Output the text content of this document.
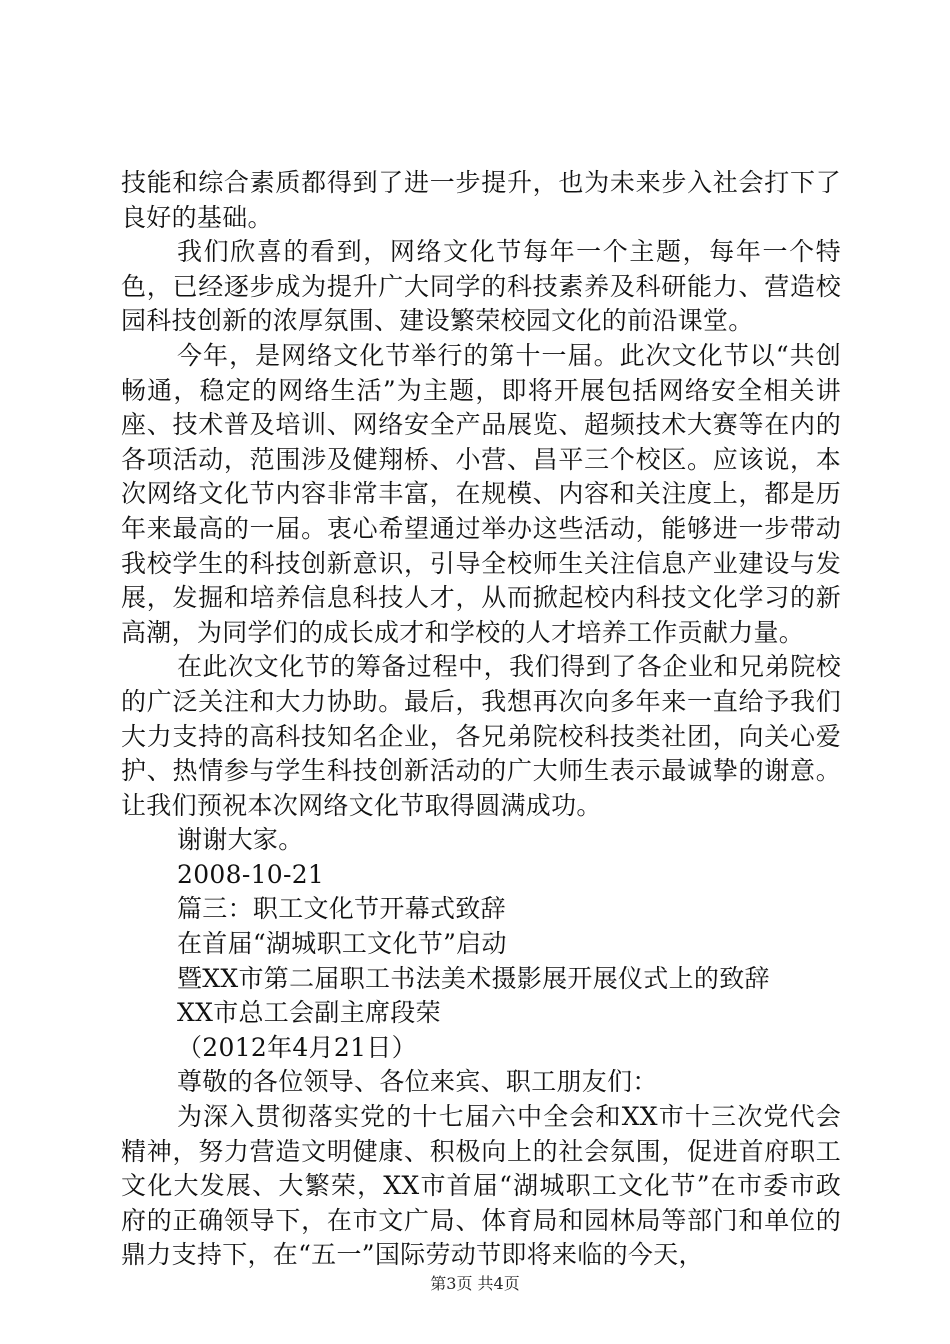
技能和综合素质都得到了进一步提升，也为未来步入社会打下了良好的基础。

我们欣喜的看到，网络文化节每年一个主题，每年一个特色，已经逐步成为提升广大同学的科技素养及科研能力、营造校园科技创新的浓厚氛围、建设繁荣校园文化的前沿课堂。

今年，是网络文化节举行的第十一届。此次文化节以“共创畅通，稳定的网络生活”为主题，即将开展包括网络安全相关讲座、技术普及培训、网络安全产品展览、超频技术大赛等在内的各项活动，范围涉及健翔桥、小营、昌平三个校区。应该说，本次网络文化节内容非常丰富，在规模、内容和关注度上，都是历年来最高的一届。衷心希望通过举办这些活动，能够进一步带动我校学生的科技创新意识，引导全校师生关注信息产业建设与发展，发掘和培养信息科技人才，从而掀起校内科技文化学习的新高潮，为同学们的成长成才和学校的人才培养工作贡献力量。

在此次文化节的筹备过程中，我们得到了各企业和兄弟院校的广泛关注和大力协助。最后，我想再次向多年来一直给予我们大力支持的高科技知名企业，各兄弟院校科技类社团，向关心爱护、热情参与学生科技创新活动的广大师生表示最诚挚的谢意。让我们预祝本次网络文化节取得圆满成功。

谢谢大家。

2008-10-21

篇三：职工文化节开幕式致辞

在首届“湖城职工文化节”启动

暨XX市第二届职工书法美术摄影展开展仪式上的致辞

XX市总工会副主席段荣

（2012年4月21日）

尊敬的各位领导、各位来宾、职工朋友们：

为深入贯彻落实党的十七届六中全会和XX市十三次党代会精神，努力营造文明健康、积极向上的社会氛围，促进首府职工文化大发展、大繁荣，XX市首届“湖城职工文化节”在市委市政府的正确领导下，在市文广局、体育局和园林局等部门和单位的鼎力支持下，在“五一”国际劳动节即将来临的今天，

第3页 共4页
